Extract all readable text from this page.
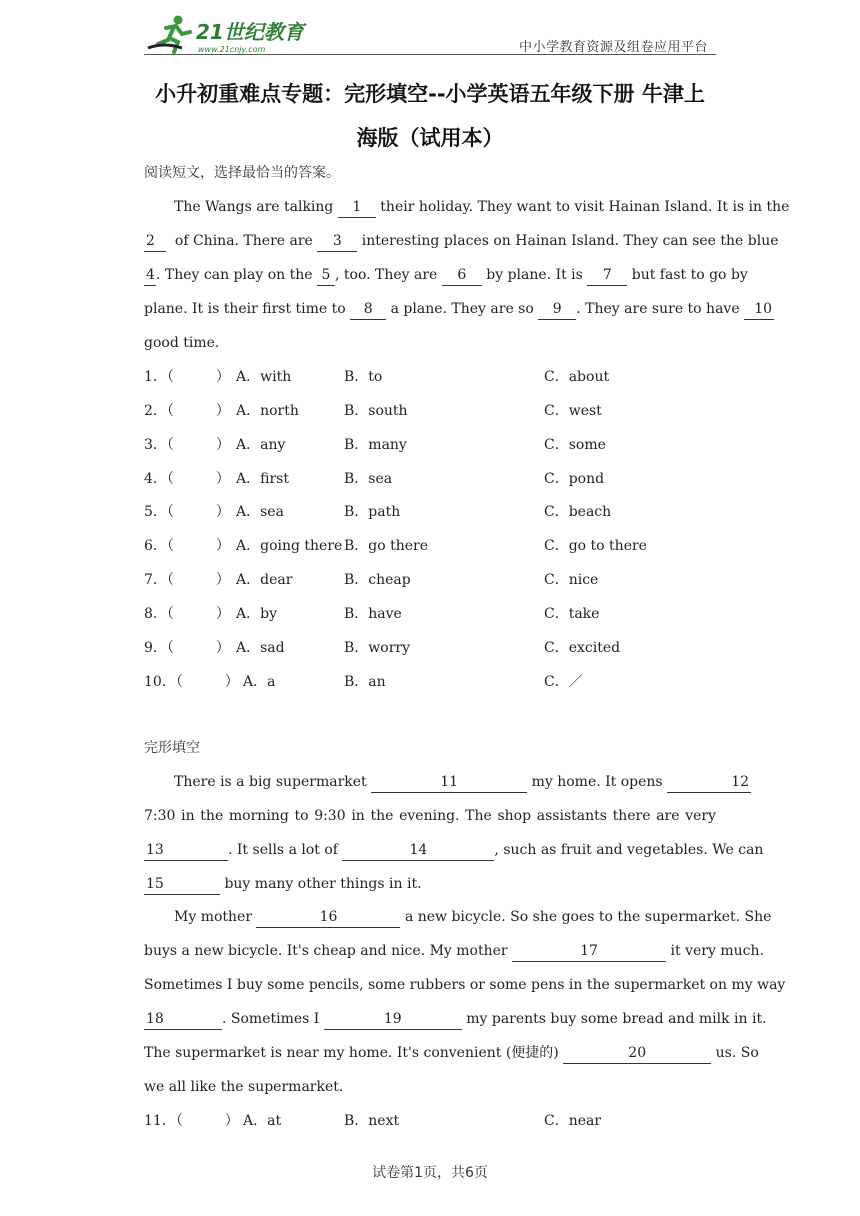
21世纪教育
www.21cnjy.com	中小学教育资源及组卷应用平台
小升初重难点专题：完形填空--小学英语五年级下册 牛津上
海版（试用本）
阅读短文，选择最恰当的答案。
The Wangs are talking 1 their holiday. They want to visit Hainan Island. It is in the
2 of China. There are 3 interesting places on Hainan Island. They can see the blue
4. They can play on the 5 , too. They are 6 by plane. It is 7 but fast to go by
plane. It is their first time to 8 a plane. They are so 9 . They are sure to have 10
good time.
1．（　　　） A．with	B．to	C．about
2．（　　　） A．north	B．south	C．west
3．（　　　） A．any	B．many	C．some
4．（　　　） A．first	B．sea	C．pond
5．（　　　） A．sea	B．path	C．beach
6．（　　　） A．going there B．go there	C．go to there
7．（　　　） A．dear	B．cheap	C．nice
8．（　　　） A．by	B．have	C．take
9．（　　　） A．sad	B．worry	C．excited
10．（　　　） A．a	B．an	C．／
完形填空
There is a big supermarket	11	my home. It opens	12
7:30 in the morning to 9:30 in the evening. The shop assistants there are very
13	. It sells a lot of	14	, such as fruit and vegetables. We can
15	buy many other things in it.
My mother	16	a new bicycle. So she goes to the supermarket. She
buys a new bicycle. It's cheap and nice. My mother	17	it very much.
Sometimes I buy some pencils, some rubbers or some pens in the supermarket on my way
18	. Sometimes I	19	my parents buy some bread and milk in it.
The supermarket is near my home. It's convenient (便捷的)	20	us. So
we all like the supermarket.
11．（　　　） A．at	B．next	C．near
试卷第1页，共6页
